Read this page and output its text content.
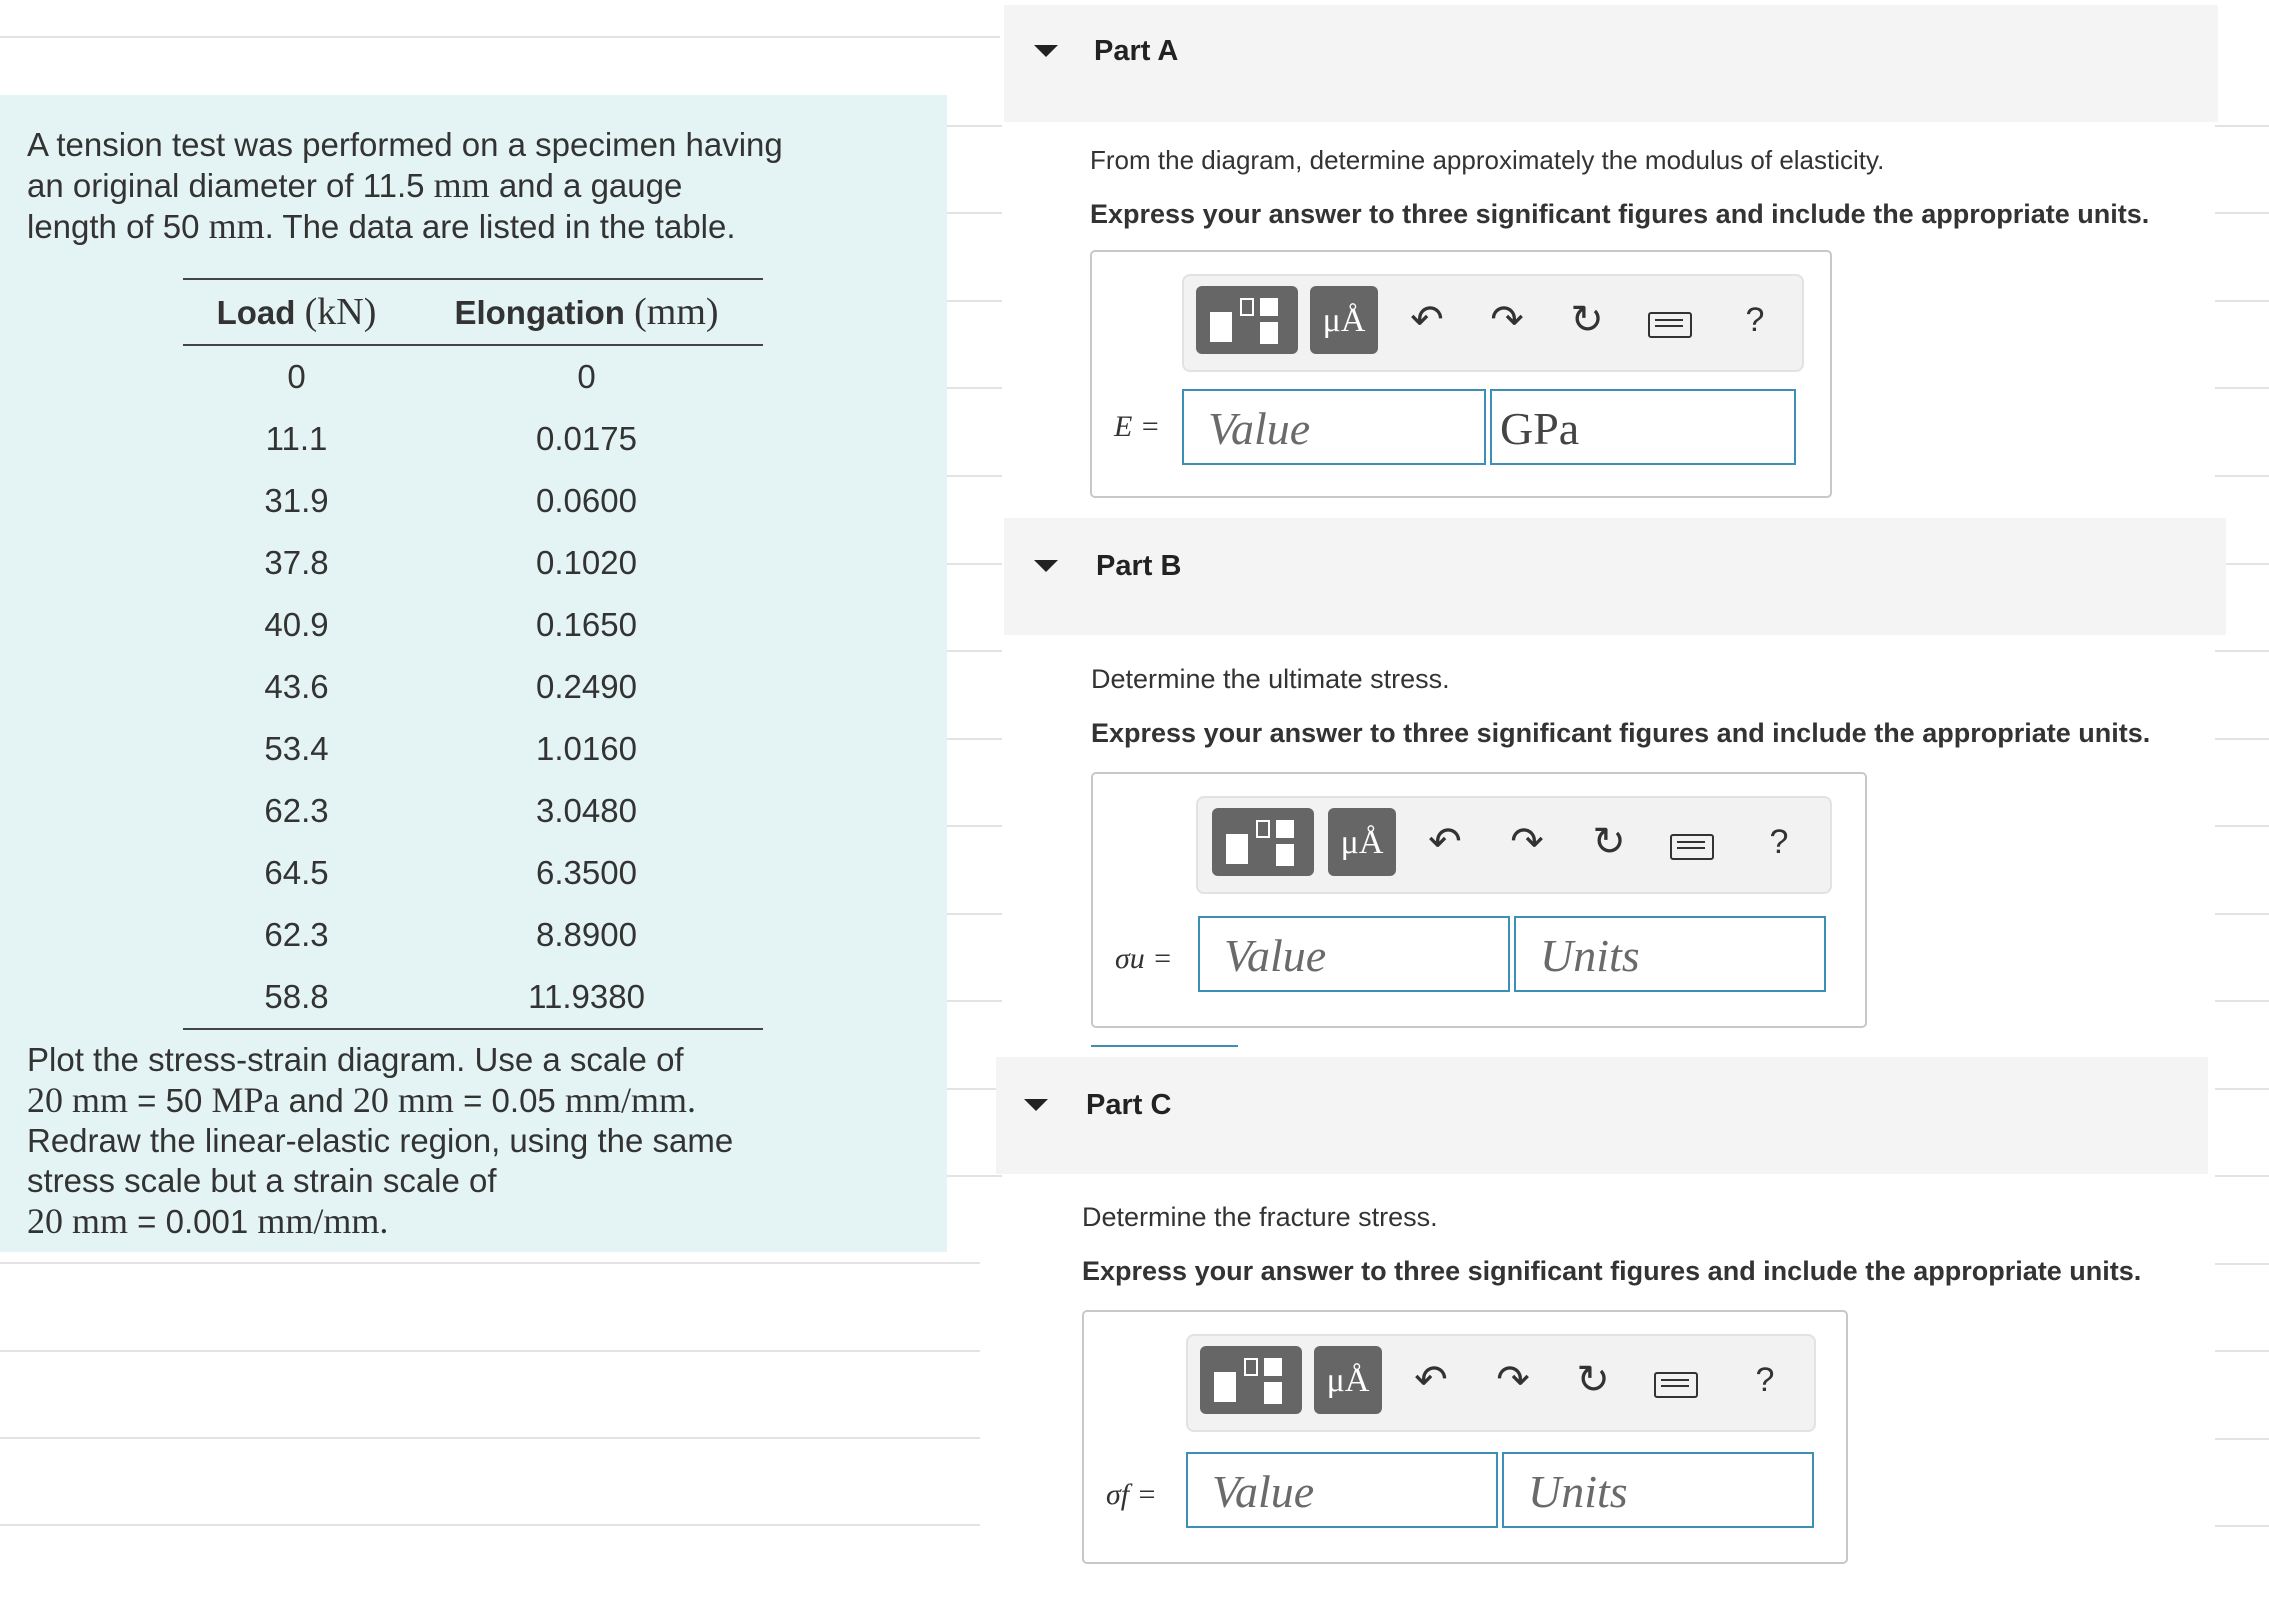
A tension test was performed on a specimen having
an original diameter of 11.5 mm and a gauge
length of 50 mm. The data are listed in the table.
Load (kN)	Elongation (mm)
0	0
11.1	0.0175
31.9	0.0600
37.8	0.1020
40.9	0.1650
43.6	0.2490
53.4	1.0160
62.3	3.0480
64.5	6.3500
62.3	8.8900
58.8	11.9380
Plot the stress-strain diagram. Use a scale of
20 mm = 50 MPa and 20 mm = 0.05 mm/mm.
Redraw the linear-elastic region, using the same
stress scale but a strain scale of
20 mm = 0.001 mm/mm.
Part A
From the diagram, determine approximately the modulus of elasticity.
Express your answer to three significant figures and include the appropriate units.
μÅ	↶ ↷ ↻	?
E =	Value	GPa
Part B
Determine the ultimate stress.
Express your answer to three significant figures and include the appropriate units.
μÅ	↶ ↷ ↻	?
σu =	Value	Units
Part C
Determine the fracture stress.
Express your answer to three significant figures and include the appropriate units.
μÅ	↶ ↷ ↻	?
σf =	Value	Units
